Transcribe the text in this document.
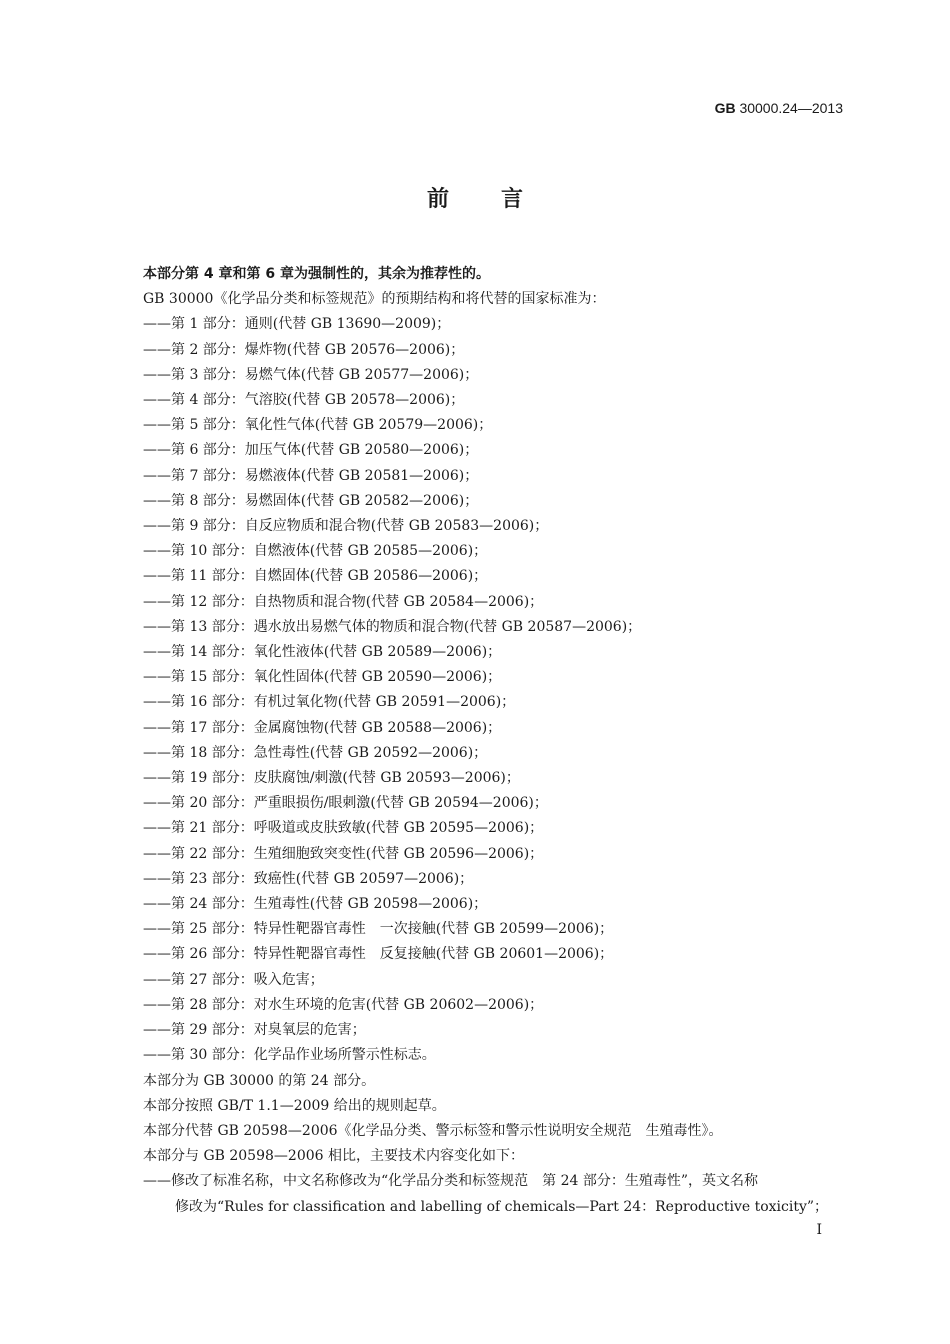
GB 30000.24—2013
前言
本部分第 4 章和第 6 章为强制性的，其余为推荐性的。
GB 30000《化学品分类和标签规范》的预期结构和将代替的国家标准为：
——第 1 部分：通则(代替 GB 13690—2009)；
——第 2 部分：爆炸物(代替 GB 20576—2006)；
——第 3 部分：易燃气体(代替 GB 20577—2006)；
——第 4 部分：气溶胶(代替 GB 20578—2006)；
——第 5 部分：氧化性气体(代替 GB 20579—2006)；
——第 6 部分：加压气体(代替 GB 20580—2006)；
——第 7 部分：易燃液体(代替 GB 20581—2006)；
——第 8 部分：易燃固体(代替 GB 20582—2006)；
——第 9 部分：自反应物质和混合物(代替 GB 20583—2006)；
——第 10 部分：自燃液体(代替 GB 20585—2006)；
——第 11 部分：自燃固体(代替 GB 20586—2006)；
——第 12 部分：自热物质和混合物(代替 GB 20584—2006)；
——第 13 部分：遇水放出易燃气体的物质和混合物(代替 GB 20587—2006)；
——第 14 部分：氧化性液体(代替 GB 20589—2006)；
——第 15 部分：氧化性固体(代替 GB 20590—2006)；
——第 16 部分：有机过氧化物(代替 GB 20591—2006)；
——第 17 部分：金属腐蚀物(代替 GB 20588—2006)；
——第 18 部分：急性毒性(代替 GB 20592—2006)；
——第 19 部分：皮肤腐蚀/刺激(代替 GB 20593—2006)；
——第 20 部分：严重眼损伤/眼刺激(代替 GB 20594—2006)；
——第 21 部分：呼吸道或皮肤致敏(代替 GB 20595—2006)；
——第 22 部分：生殖细胞致突变性(代替 GB 20596—2006)；
——第 23 部分：致癌性(代替 GB 20597—2006)；
——第 24 部分：生殖毒性(代替 GB 20598—2006)；
——第 25 部分：特异性靶器官毒性　一次接触(代替 GB 20599—2006)；
——第 26 部分：特异性靶器官毒性　反复接触(代替 GB 20601—2006)；
——第 27 部分：吸入危害；
——第 28 部分：对水生环境的危害(代替 GB 20602—2006)；
——第 29 部分：对臭氧层的危害；
——第 30 部分：化学品作业场所警示性标志。
本部分为 GB 30000 的第 24 部分。
本部分按照 GB/T 1.1—2009 给出的规则起草。
本部分代替 GB 20598—2006《化学品分类、警示标签和警示性说明安全规范　生殖毒性》。
本部分与 GB 20598—2006 相比，主要技术内容变化如下：
——修改了标准名称，中文名称修改为“化学品分类和标签规范　第 24 部分：生殖毒性”，英文名称
修改为“Rules for classification and labelling of chemicals—Part 24：Reproductive toxicity”；
I
